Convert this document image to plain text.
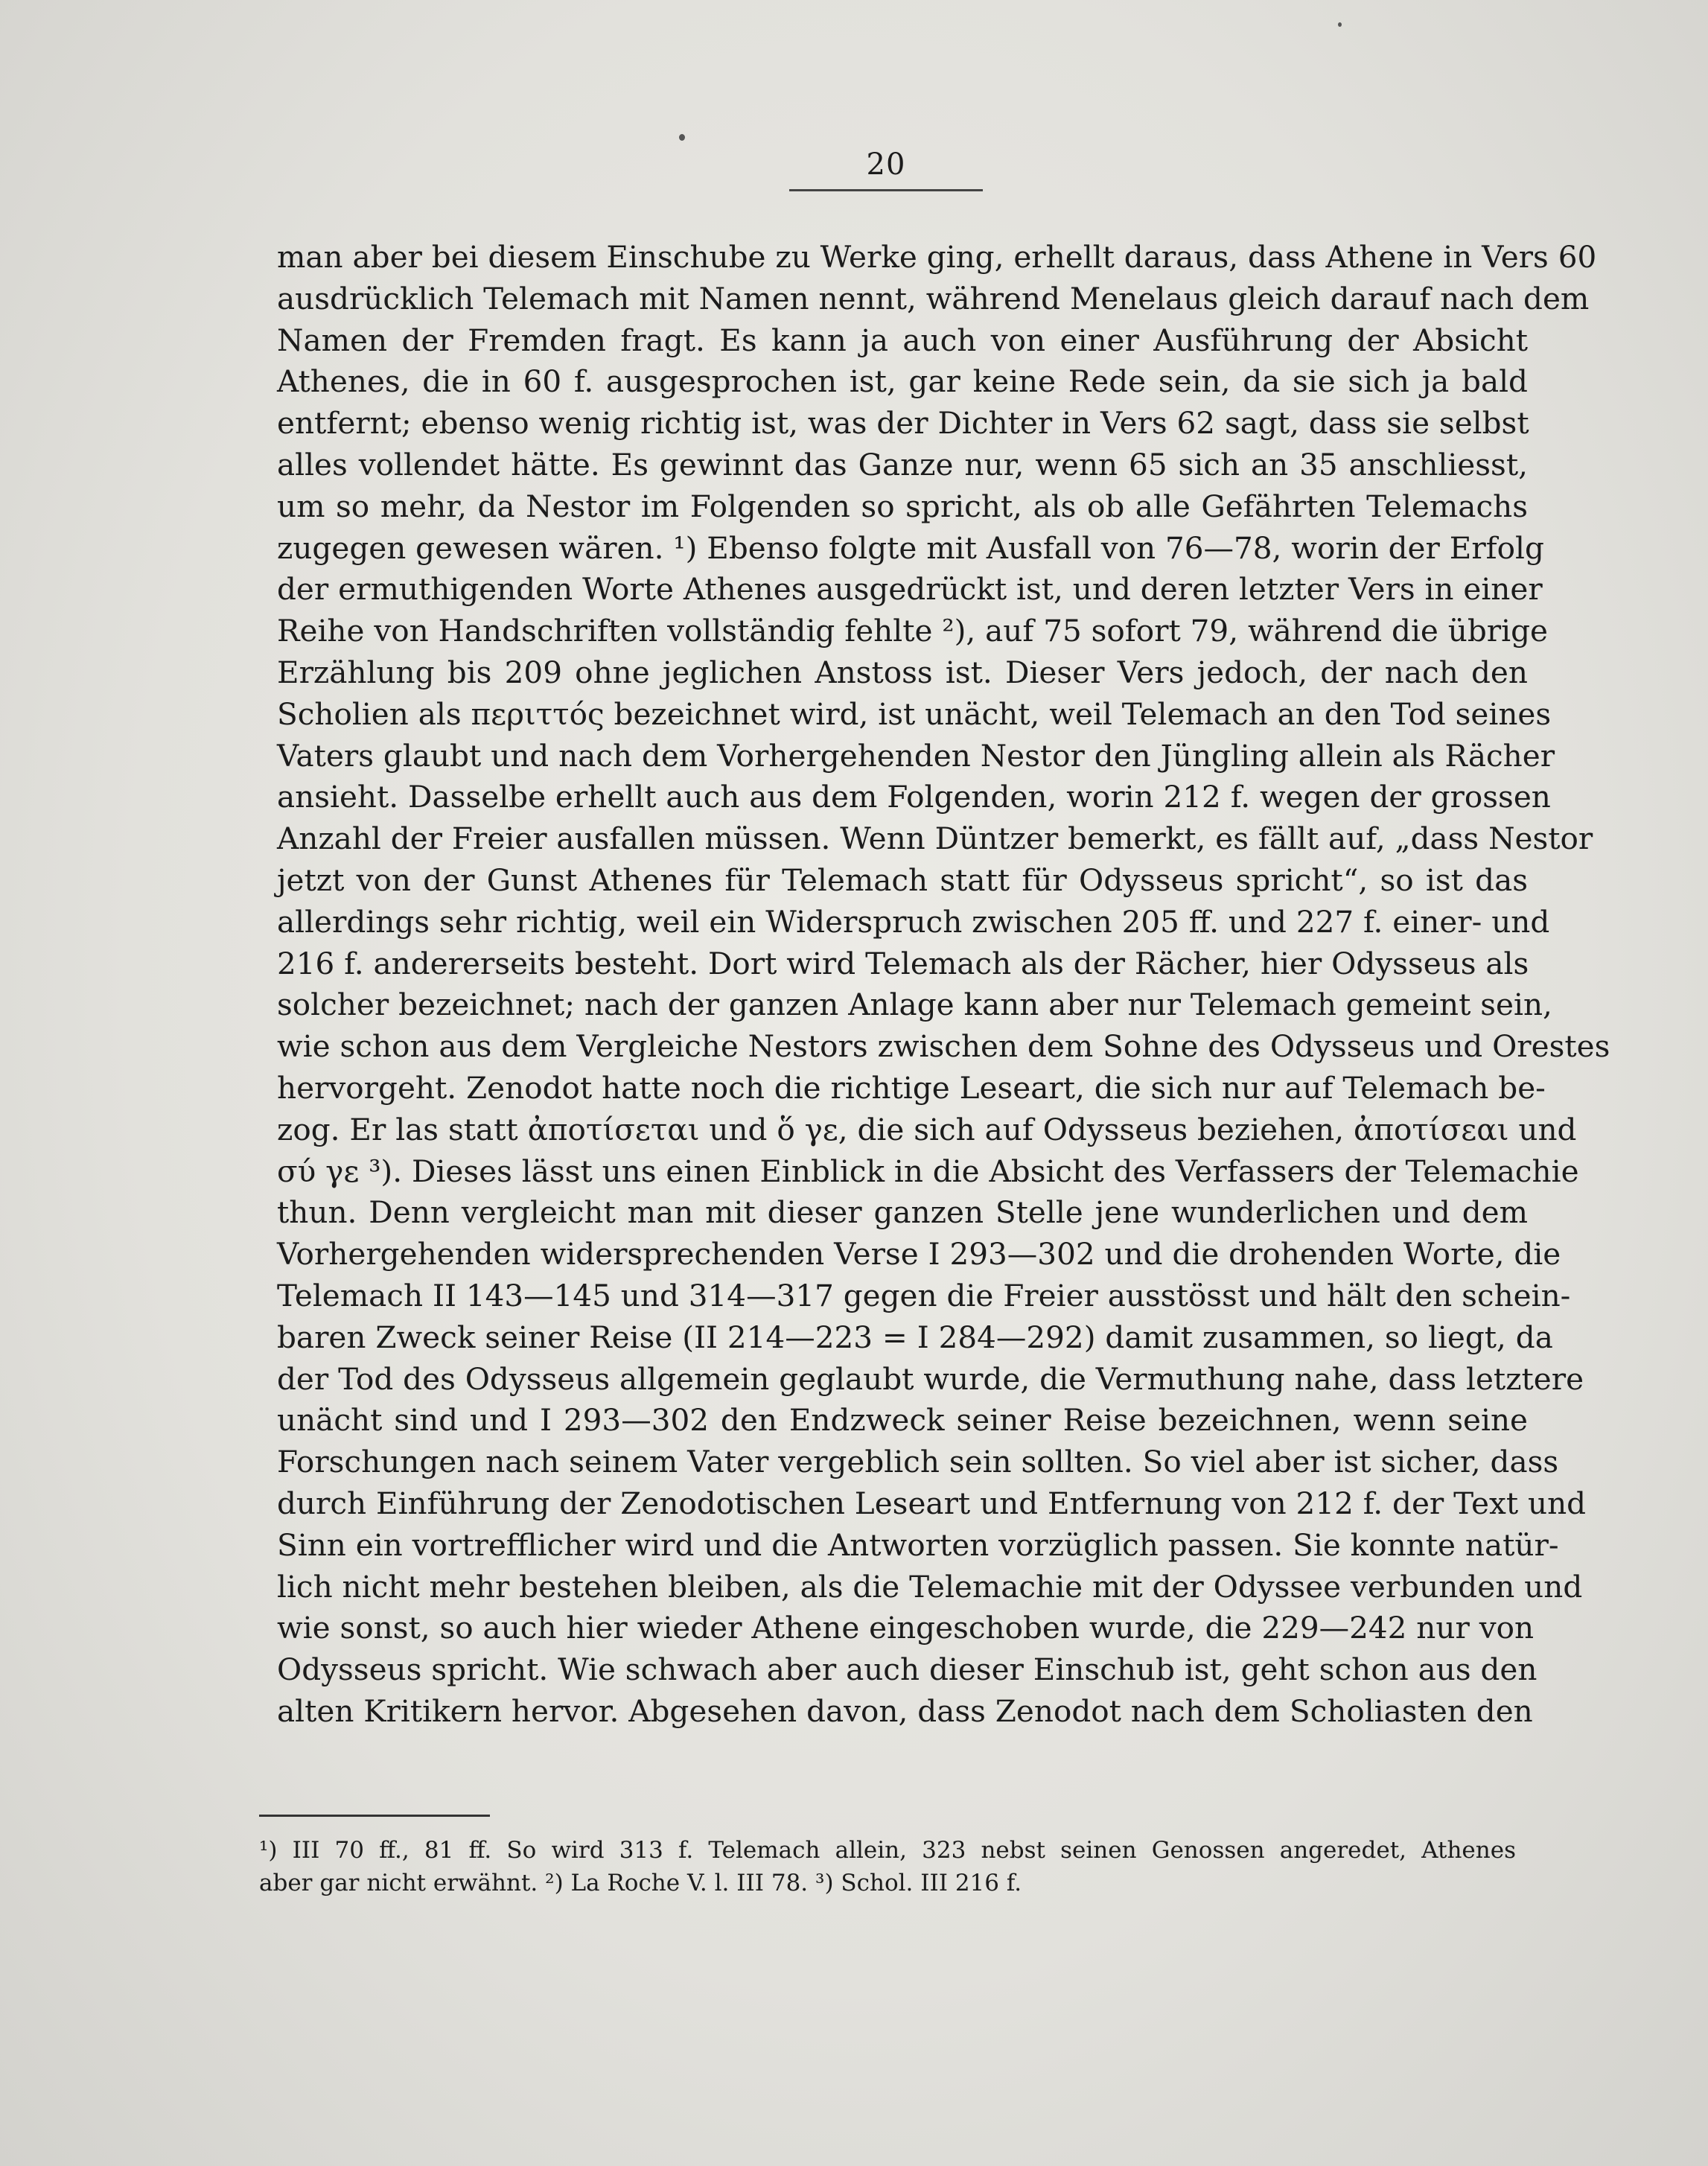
20
man aber bei diesem Einschube zu Werke ging, erhellt daraus, dass Athene in Vers 60
ausdrücklich Telemach mit Namen nennt, während Menelaus gleich darauf nach dem
Namen der Fremden fragt. Es kann ja auch von einer Ausführung der Absicht
Athenes, die in 60 f. ausgesprochen ist, gar keine Rede sein, da sie sich ja bald
entfernt; ebenso wenig richtig ist, was der Dichter in Vers 62 sagt, dass sie selbst
alles vollendet hätte. Es gewinnt das Ganze nur, wenn 65 sich an 35 anschliesst,
um so mehr, da Nestor im Folgenden so spricht, als ob alle Gefährten Telemachs
zugegen gewesen wären. ¹) Ebenso folgte mit Ausfall von 76—78, worin der Erfolg
der ermuthigenden Worte Athenes ausgedrückt ist, und deren letzter Vers in einer
Reihe von Handschriften vollständig fehlte ²), auf 75 sofort 79, während die übrige
Erzählung bis 209 ohne jeglichen Anstoss ist. Dieser Vers jedoch, der nach den
Scholien als περιττός bezeichnet wird, ist unächt, weil Telemach an den Tod seines
Vaters glaubt und nach dem Vorhergehenden Nestor den Jüngling allein als Rächer
ansieht. Dasselbe erhellt auch aus dem Folgenden, worin 212 f. wegen der grossen
Anzahl der Freier ausfallen müssen. Wenn Düntzer bemerkt, es fällt auf, „dass Nestor
jetzt von der Gunst Athenes für Telemach statt für Odysseus spricht“, so ist das
allerdings sehr richtig, weil ein Widerspruch zwischen 205 ff. und 227 f. einer- und
216 f. andererseits besteht. Dort wird Telemach als der Rächer, hier Odysseus als
solcher bezeichnet; nach der ganzen Anlage kann aber nur Telemach gemeint sein,
wie schon aus dem Vergleiche Nestors zwischen dem Sohne des Odysseus und Orestes
hervorgeht. Zenodot hatte noch die richtige Leseart, die sich nur auf Telemach be-
zog. Er las statt ἀποτίσεται und ὅ γε, die sich auf Odysseus beziehen, ἀποτίσεαι und
σύ γε ³). Dieses lässt uns einen Einblick in die Absicht des Verfassers der Telemachie
thun. Denn vergleicht man mit dieser ganzen Stelle jene wunderlichen und dem
Vorhergehenden widersprechenden Verse I 293—302 und die drohenden Worte, die
Telemach II 143—145 und 314—317 gegen die Freier ausstösst und hält den schein-
baren Zweck seiner Reise (II 214—223 = I 284—292) damit zusammen, so liegt, da
der Tod des Odysseus allgemein geglaubt wurde, die Vermuthung nahe, dass letztere
unächt sind und I 293—302 den Endzweck seiner Reise bezeichnen, wenn seine
Forschungen nach seinem Vater vergeblich sein sollten. So viel aber ist sicher, dass
durch Einführung der Zenodotischen Leseart und Entfernung von 212 f. der Text und
Sinn ein vortrefflicher wird und die Antworten vorzüglich passen. Sie konnte natür-
lich nicht mehr bestehen bleiben, als die Telemachie mit der Odyssee verbunden und
wie sonst, so auch hier wieder Athene eingeschoben wurde, die 229—242 nur von
Odysseus spricht. Wie schwach aber auch dieser Einschub ist, geht schon aus den
alten Kritikern hervor. Abgesehen davon, dass Zenodot nach dem Scholiasten den
¹) III 70 ff., 81 ff. So wird 313 f. Telemach allein, 323 nebst seinen Genossen angeredet, Athenes
aber gar nicht erwähnt. ²) La Roche V. l. III 78. ³) Schol. III 216 f.
